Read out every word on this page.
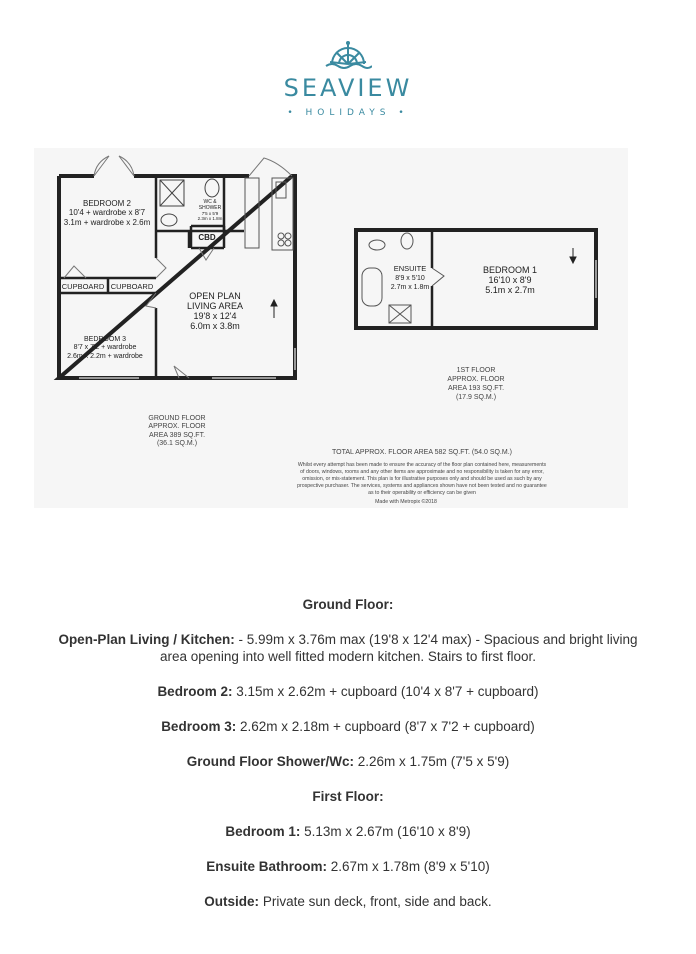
SEAVIEW
• HOLIDAYS •
BEDROOM 2
10'4 + wardrobe x 8'7
3.1m + wardrobe x 2.6m
WC &
SHOWER
7'5 x 5'9
2.3m x 1.8m
CBD
CUPBOARD CUPBOARD
OPEN PLAN
LIVING AREA
19'8 x 12'4
6.0m x 3.8m
BEDROOM 3
8'7 x 7'2 + wardrobe
2.6m x 2.2m + wardrobe
GROUND FLOOR
APPROX. FLOOR
AREA 389 SQ.FT.
(36.1 SQ.M.)
ENSUITE
8'9 x 5'10
2.7m x 1.8m
BEDROOM 1
16'10 x 8'9
5.1m x 2.7m
1ST FLOOR
APPROX. FLOOR
AREA 193 SQ.FT.
(17.9 SQ.M.)
TOTAL APPROX. FLOOR AREA 582 SQ.FT. (54.0 SQ.M.)
Whilst every attempt has been made to ensure the accuracy of the floor plan contained here, measurements
of doors, windows, rooms and any other items are approximate and no responsibility is taken for any error,
omission, or mis-statement. This plan is for illustrative purposes only and should be used as such by any
prospective purchaser. The services, systems and appliances shown have not been tested and no guarantee
as to their operability or efficiency can be given
Made with Metropix ©2018

Ground Floor:

Open-Plan Living / Kitchen: - 5.99m x 3.76m max (19'8 x 12'4 max) - Spacious and bright living area opening into well fitted modern kitchen. Stairs to first floor.

Bedroom 2: 3.15m x 2.62m + cupboard (10'4 x 8'7 + cupboard)

Bedroom 3: 2.62m x 2.18m + cupboard (8'7 x 7'2 + cupboard)

Ground Floor Shower/Wc: 2.26m x 1.75m (7'5 x 5'9)

First Floor:

Bedroom 1: 5.13m x 2.67m (16'10 x 8'9)

Ensuite Bathroom: 2.67m x 1.78m (8'9 x 5'10)

Outside: Private sun deck, front, side and back.
